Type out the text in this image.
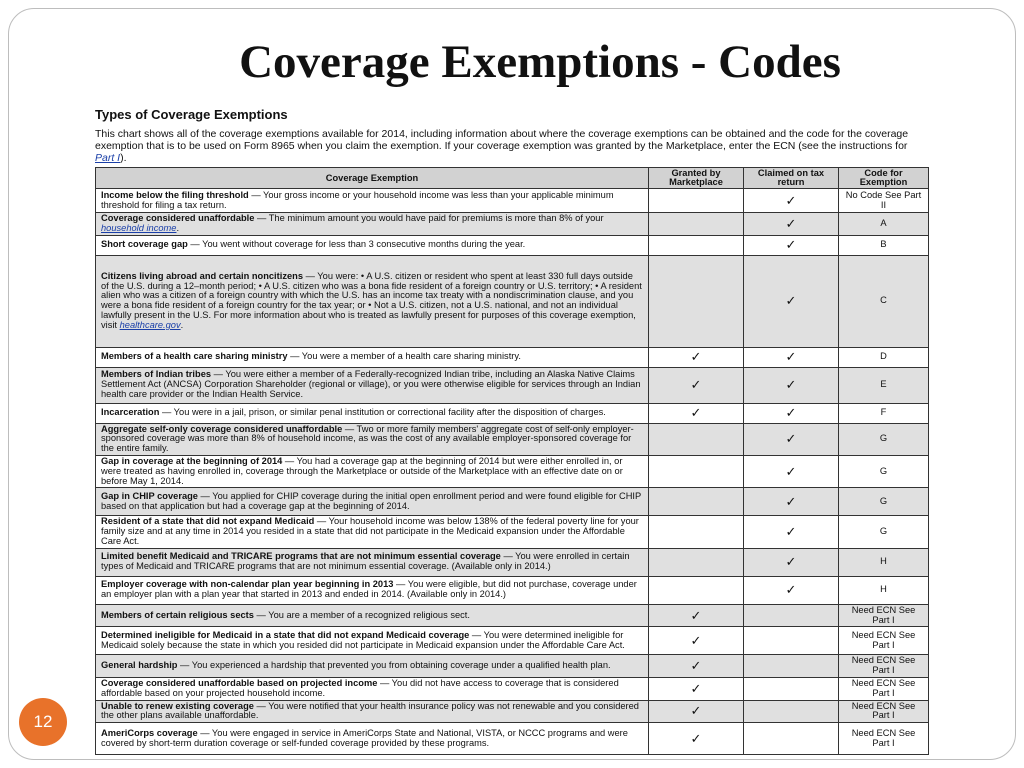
Coverage Exemptions - Codes
Types of Coverage Exemptions
This chart shows all of the coverage exemptions available for 2014, including information about where the coverage exemptions can be obtained and the code for the coverage exemption that is to be used on Form 8965 when you claim the exemption. If your coverage exemption was granted by the Marketplace, enter the ECN (see the instructions for Part I).
Coverage Exemption	Granted by Marketplace	Claimed on tax return	Code for Exemption
Income below the filing threshold — Your gross income or your household income was less than your applicable minimum threshold for filing a tax return.		✓	No Code See Part II
Coverage considered unaffordable — The minimum amount you would have paid for premiums is more than 8% of your household income.		✓	A
Short coverage gap — You went without coverage for less than 3 consecutive months during the year.		✓	B
Citizens living abroad and certain noncitizens — You were: • A U.S. citizen or resident who spent at least 330 full days outside of the U.S. during a 12–month period; • A U.S. citizen who was a bona fide resident of a foreign country or U.S. territory; • A resident alien who was a citizen of a foreign country with which the U.S. has an income tax treaty with a nondiscrimination clause, and you were a bona fide resident of a foreign country for the tax year; or • Not a U.S. citizen, not a U.S. national, and not an individual lawfully present in the U.S. For more information about who is treated as lawfully present for purposes of this coverage exemption, visit healthcare.gov.		✓	C
Members of a health care sharing ministry — You were a member of a health care sharing ministry.	✓	✓	D
Members of Indian tribes — You were either a member of a Federally-recognized Indian tribe, including an Alaska Native Claims Settlement Act (ANCSA) Corporation Shareholder (regional or village), or you were otherwise eligible for services through an Indian health care provider or the Indian Health Service.	✓	✓	E
Incarceration — You were in a jail, prison, or similar penal institution or correctional facility after the disposition of charges.	✓	✓	F
Aggregate self-only coverage considered unaffordable — Two or more family members' aggregate cost of self-only employer-sponsored coverage was more than 8% of household income, as was the cost of any available employer-sponsored coverage for the entire family.		✓	G
Gap in coverage at the beginning of 2014 — You had a coverage gap at the beginning of 2014 but were either enrolled in, or were treated as having enrolled in, coverage through the Marketplace or outside of the Marketplace with an effective date on or before May 1, 2014.		✓	G
Gap in CHIP coverage — You applied for CHIP coverage during the initial open enrollment period and were found eligible for CHIP based on that application but had a coverage gap at the beginning of 2014.		✓	G
Resident of a state that did not expand Medicaid — Your household income was below 138% of the federal poverty line for your family size and at any time in 2014 you resided in a state that did not participate in the Medicaid expansion under the Affordable Care Act.		✓	G
Limited benefit Medicaid and TRICARE programs that are not minimum essential coverage — You were enrolled in certain types of Medicaid and TRICARE programs that are not minimum essential coverage. (Available only in 2014.)		✓	H
Employer coverage with non-calendar plan year beginning in 2013 — You were eligible, but did not purchase, coverage under an employer plan with a plan year that started in 2013 and ended in 2014. (Available only in 2014.)		✓	H
Members of certain religious sects — You are a member of a recognized religious sect.	✓		Need ECN See Part I
Determined ineligible for Medicaid in a state that did not expand Medicaid coverage — You were determined ineligible for Medicaid solely because the state in which you resided did not participate in Medicaid expansion under the Affordable Care Act.	✓		Need ECN See Part I
General hardship — You experienced a hardship that prevented you from obtaining coverage under a qualified health plan.	✓		Need ECN See Part I
Coverage considered unaffordable based on projected income — You did not have access to coverage that is considered affordable based on your projected household income.	✓		Need ECN See Part I
Unable to renew existing coverage — You were notified that your health insurance policy was not renewable and you considered the other plans available unaffordable.	✓		Need ECN See Part I
AmeriCorps coverage — You were engaged in service in AmeriCorps State and National, VISTA, or NCCC programs and were covered by short-term duration coverage or self-funded coverage provided by these programs.	✓		Need ECN See Part I
12
